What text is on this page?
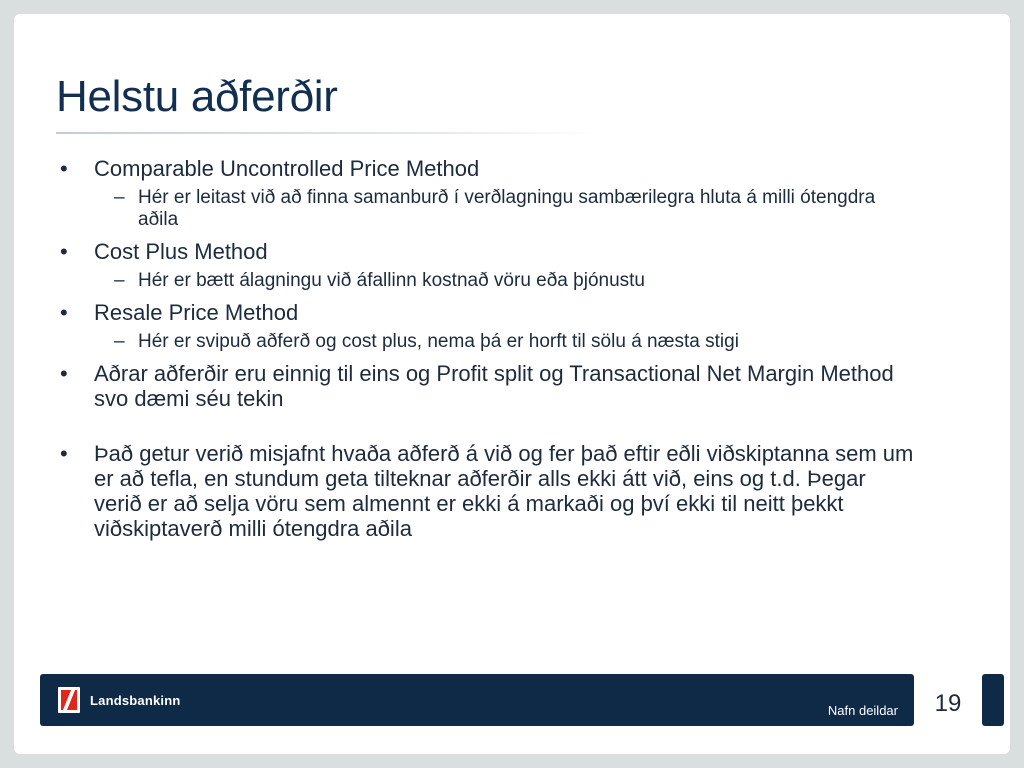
Helstu aðferðir
• Comparable Uncontrolled Price Method
– Hér er leitast við að finna samanburð í verðlagningu sambærilegra hluta á milli ótengdra aðila
• Cost Plus Method
– Hér er bætt álagningu við áfallinn kostnað vöru eða þjónustu
• Resale Price Method
– Hér er svipuð aðferð og cost plus, nema þá er horft til sölu á næsta stigi
• Aðrar aðferðir eru einnig til eins og Profit split og Transactional Net Margin Method svo dæmi séu tekin
• Það getur verið misjafnt hvaða aðferð á við og fer það eftir eðli viðskiptanna sem um er að tefla, en stundum geta tilteknar aðferðir alls ekki átt við, eins og t.d. Þegar verið er að selja vöru sem almennt er ekki á markaði og því ekki til neitt þekkt viðskiptaverð milli ótengdra aðila
Landsbankinn
Nafn deildar	19
